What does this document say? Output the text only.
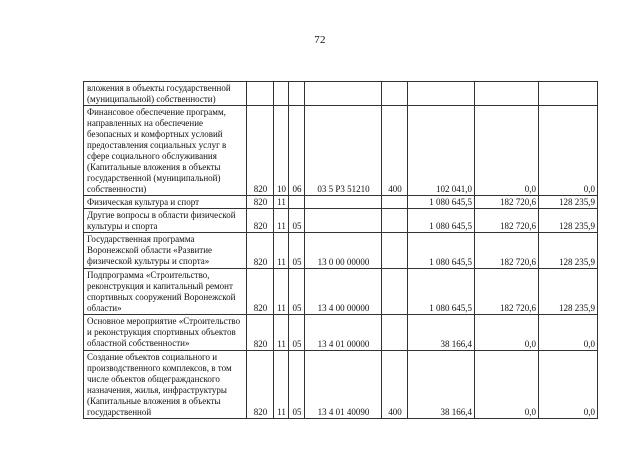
72
вложения в объекты государственной (муниципальной) собственности)								
Финансовое обеспечение программ, направленных на обеспечение безопасных и комфортных условий предоставления социальных услуг в сфере социального обслуживания (Капитальные вложения в объекты государственной (муниципальной) собственности)	820	10	06	03 5 Р3 51210	400	102 041,0	0,0	0,0
Физическая культура и спорт	820	11				1 080 645,5	182 720,6	128 235,9
Другие вопросы в области физической культуры и спорта	820	11	05			1 080 645,5	182 720,6	128 235,9
Государственная программа Воронежской области «Развитие физической культуры и спорта»	820	11	05	13 0 00 00000		1 080 645,5	182 720,6	128 235,9
Подпрограмма «Строительство, реконструкция и капитальный ремонт спортивных сооружений Воронежской области»	820	11	05	13 4 00 00000		1 080 645,5	182 720,6	128 235,9
Основное мероприятие «Строительство и реконструкция спортивных объектов областной собственности»	820	11	05	13 4 01 00000		38 166,4	0,0	0,0
Создание объектов социального и производственного комплексов, в том числе объектов общегражданского назначения, жилья, инфраструктуры (Капитальные вложения в объекты государственной	820	11	05	13 4 01 40090	400	38 166,4	0,0	0,0
